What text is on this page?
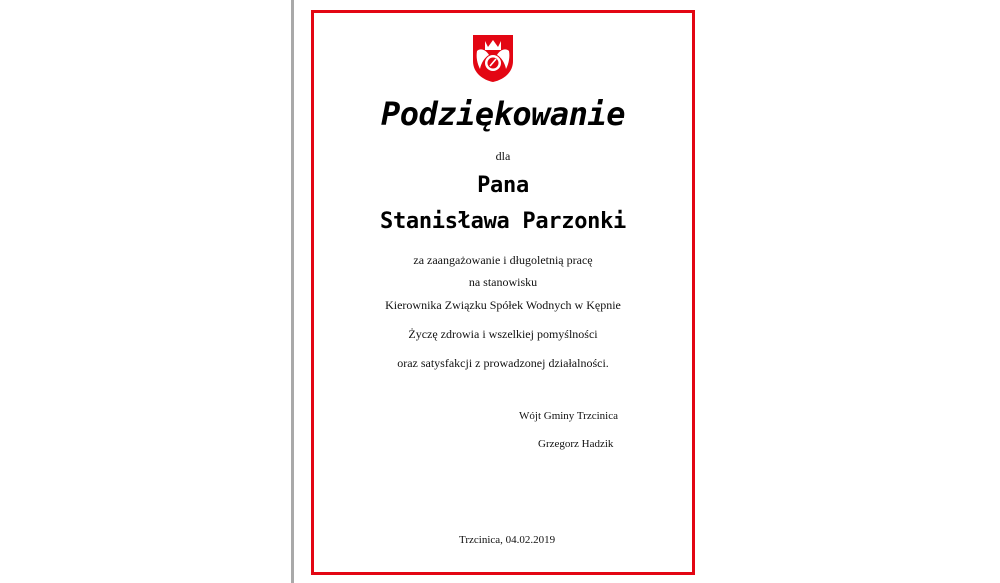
Podziękowanie
dla
Pana
Stanisława Parzonki
za zaangażowanie i długoletnią pracę
na stanowisku
Kierownika Związku Spółek Wodnych w Kępnie
Życzę zdrowia i wszelkiej pomyślności
oraz satysfakcji z prowadzonej działalności.
Wójt Gminy Trzcinica
Grzegorz Hadzik
Trzcinica, 04.02.2019
